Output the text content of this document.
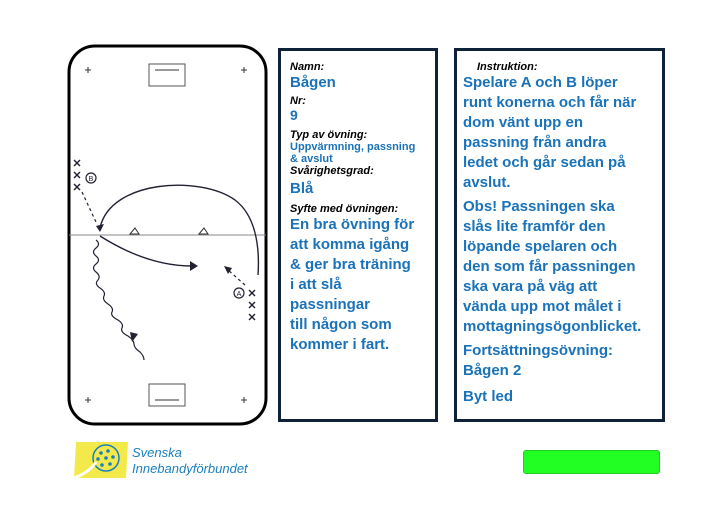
B
A
Namn:
Bågen
Nr:
9
Typ av övning:
Uppvärmning, passning
& avslut
Svårighetsgrad:
Blå
Syfte med övningen:
En bra övning för
att komma igång
& ger bra träning
i att slå
passningar
till någon som
kommer i fart.
Instruktion:
Spelare A och B löper
runt konerna och får när
dom vänt upp en
passning från andra
ledet och går sedan på
avslut.
Obs! Passningen ska
slås lite framför den
löpande spelaren och
den som får passningen
ska vara på väg att
vända upp mot målet i
mottagningsögonblicket.
Fortsättningsövning:
Bågen 2
Byt led
Svenska
Innebandyförbundet
